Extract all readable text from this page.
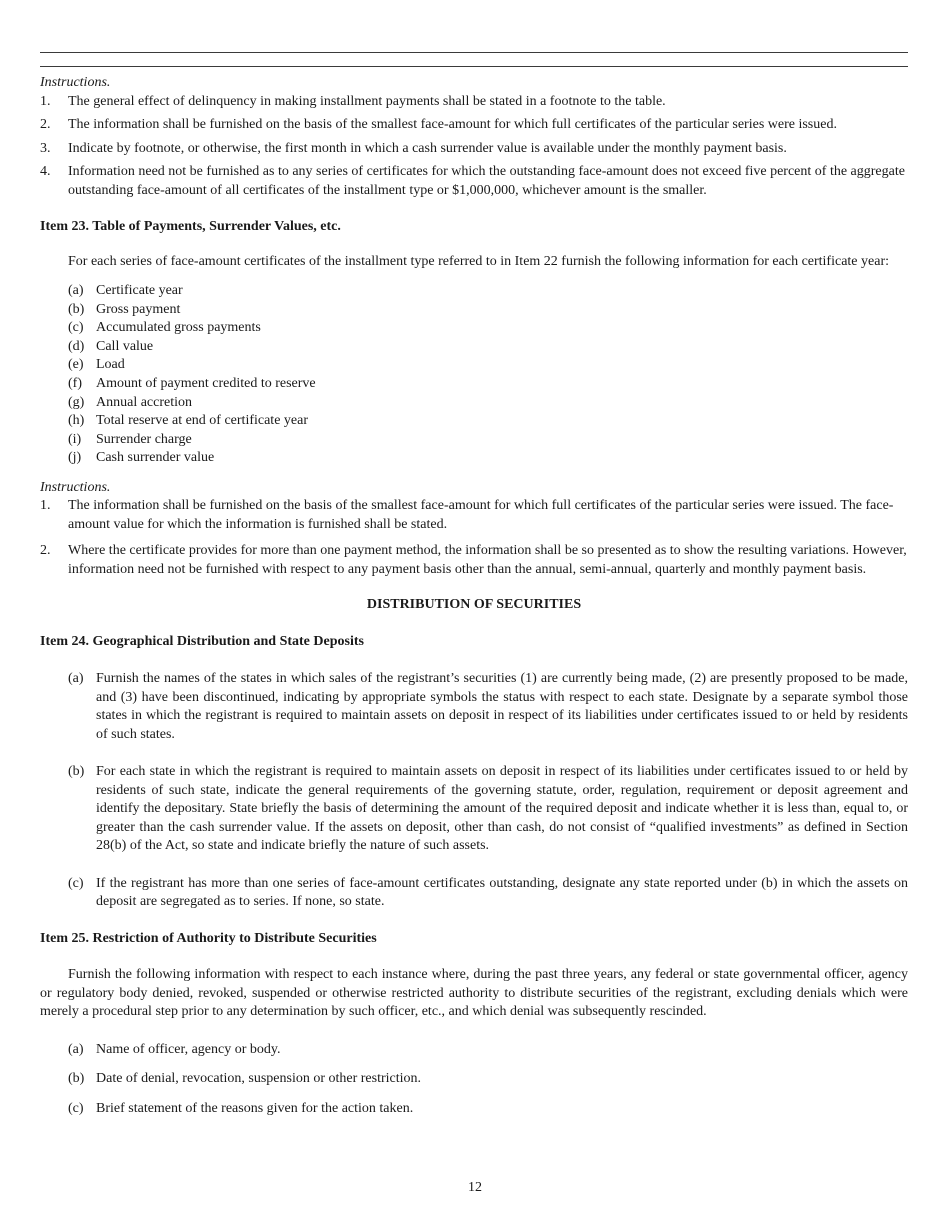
Instructions.
1.	The general effect of delinquency in making installment payments shall be stated in a footnote to the table.
2.	The information shall be furnished on the basis of the smallest face-amount for which full certificates of the particular series were issued.
3.	Indicate by footnote, or otherwise, the first month in which a cash surrender value is available under the monthly payment basis.
4.	Information need not be furnished as to any series of certificates for which the outstanding face-amount does not exceed five percent of the aggregate outstanding face-amount of all certificates of the installment type or $1,000,000, whichever amount is the smaller.
Item 23. Table of Payments, Surrender Values, etc.

For each series of face-amount certificates of the installment type referred to in Item 22 furnish the following information for each certificate year:

(a) Certificate year
(b) Gross payment
(c) Accumulated gross payments
(d) Call value
(e) Load
(f)	Amount of payment credited to reserve
(g) Annual accretion
(h) Total reserve at end of certificate year
(i)	Surrender charge
(j)	Cash surrender value
Instructions.
1.	The information shall be furnished on the basis of the smallest face-amount for which full certificates of the particular series were issued. The face-amount value for which the information is furnished shall be stated.
2.	Where the certificate provides for more than one payment method, the information shall be so presented as to show the resulting variations. However, information need not be furnished with respect to any payment basis other than the annual, semi-annual, quarterly and monthly payment basis.
DISTRIBUTION OF SECURITIES
Item 24. Geographical Distribution and State Deposits
(a) Furnish the names of the states in which sales of the registrant’s securities (1) are currently being made, (2) are presently proposed to be made, and (3) have been discontinued, indicating by appropriate symbols the status with respect to each state. Designate by a separate symbol those states in which the registrant is required to maintain assets on deposit in respect of its liabilities under certificates issued to or held by residents of such states.
(b) For each state in which the registrant is required to maintain assets on deposit in respect of its liabilities under certificates issued to or held by residents of such state, indicate the general requirements of the governing statute, order, regulation, requirement or deposit agreement and identify the depositary. State briefly the basis of determining the amount of the required deposit and indicate whether it is less than, equal to, or greater than the cash surrender value. If the assets on deposit, other than cash, do not consist of “qualified investments” as defined in Section 28(b) of the Act, so state and indicate briefly the nature of such assets.
(c) If the registrant has more than one series of face-amount certificates outstanding, designate any state reported under (b) in which the assets on deposit are segregated as to series. If none, so state.
Item 25. Restriction of Authority to Distribute Securities

Furnish the following information with respect to each instance where, during the past three years, any federal or state governmental officer, agency or regulatory body denied, revoked, suspended or otherwise restricted authority to distribute securities of the registrant, excluding denials which were merely a procedural step prior to any determination by such officer, etc., and which denial was subsequently rescinded.

(a) Name of officer, agency or body.
(b) Date of denial, revocation, suspension or other restriction.
(c) Brief statement of the reasons given for the action taken.
12
